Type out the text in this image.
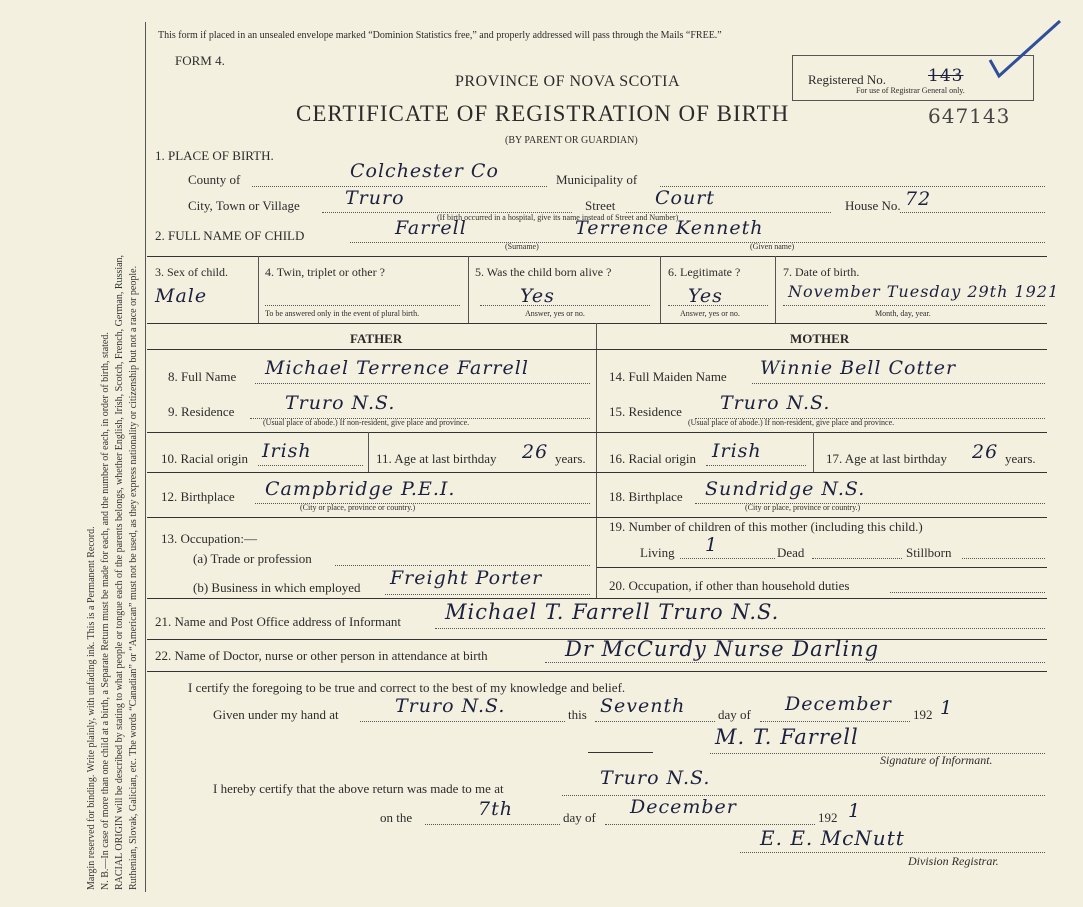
Margin reserved for binding. Write plainly, with unfading ink. This is a Permanent Record. N. B.—In case of more than one child at a birth, a Separate Return must be made for each, and the number of each, in order of birth, stated. RACIAL ORIGIN will be described by stating to what people or tongue each of the parents belongs, whether English, Irish, Scotch, French, German, Russian, Ruthenian, Slovak, Galician, etc. The words “Canadian” or “American” must not be used, as they express nationality or citizenship but not a race or people.
This form if placed in an unsealed envelope marked “Dominion Statistics free,” and properly addressed will pass through the Mails “FREE.”
FORM 4.
PROVINCE OF NOVA SCOTIA
CERTIFICATE OF REGISTRATION OF BIRTH
(BY PARENT OR GUARDIAN)
Registered No. 143
For use of Registrar General only.
647143
1. PLACE OF BIRTH.
County of	Colchester Co	Municipality of
City, Town or Village Truro	Street Court
(If birth occurred in a hospital, give its name instead of Street and Number)
House No. 72
2. FULL NAME OF CHILD	Farrell	Terrence Kenneth
(Surname)	(Given name)
3. Sex of child.
Male
4. Twin, triplet or other ?
To be answered only in the event of plural birth.
5. Was the child born alive ?
Yes
Answer, yes or no.
6. Legitimate ?
Yes
Answer, yes or no.
7. Date of birth.
November Tuesday 29th 1921
Month, day, year.
FATHER	MOTHER
8. Full Name Michael Terrence Farrell
9. Residence	Truro N.S.
(Usual place of abode.) If non-resident, give place and province.
10. Racial origin Irish	11. Age at last birthday 26 years.
12. Birthplace Campbridge P.E.I.
(City or place, province or country.)
13. Occupation:—
(a) Trade or profession
(b) Business in which employed Freight Porter
14. Full Maiden Name Winnie Bell Cotter
15. Residence Truro N.S.
(Usual place of abode.) If non-resident, give place and province.
16. Racial origin Irish	17. Age at last birthday 26 years.
18. Birthplace Sundridge N.S.
(City or place, province or country.)
19. Number of children of this mother (including this child.)
Living 1	Dead	Stillborn
20. Occupation, if other than household duties
21. Name and Post Office address of Informant Michael T. Farrell Truro N.S.
22. Name of Doctor, nurse or other person in attendance at birth	Dr McCurdy Nurse Darling
I certify the foregoing to be true and correct to the best of my knowledge and belief.
Given under my hand at	Truro N.S.	this Seventh	day of December 192 1
M. T. Farrell
Signature of Informant.
I hereby certify that the above return was made to me at	Truro N.S.
on the	7th	day of December	192 1
E. E. McNutt
Division Registrar.
